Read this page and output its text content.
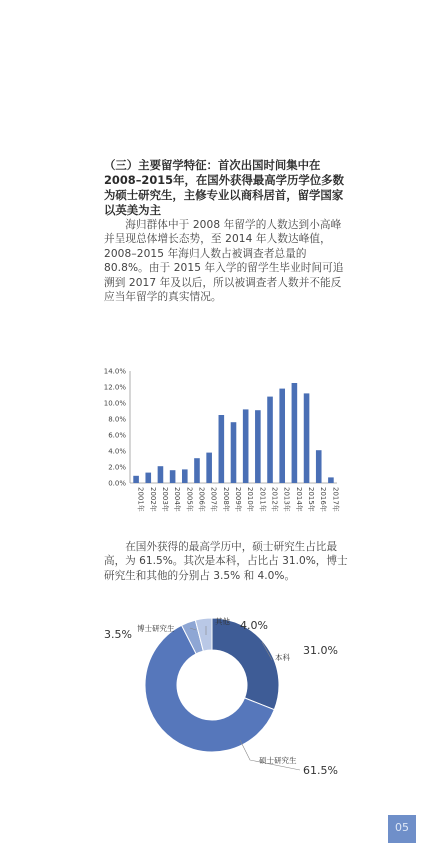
（三）主要留学特征：首次出国时间集中在2008–2015年，在国外获得最高学历学位多数为硕士研究生，主修专业以商科居首，留学国家以英美为主
海归群体中于 2008 年留学的人数达到小高峰并呈现总体增长态势，至 2014 年人数达峰值，2008–2015 年海归人数占被调查者总量的 80.8%。由于 2015 年入学的留学生毕业时间可追溯到 2017 年及以后，所以被调查者人数并不能反应当年留学的真实情况。
0.0%
2.0%
4.0%
6.0%
8.0%
10.0%
12.0%
14.0%
2001年 2002年 2003年 2004年 2005年 2006年 2007年 2008年 2009年 2010年 2011年 2012年 2013年 2014年 2015年 2016年 2017年
在国外获得的最高学历中，硕士研究生占比最高，为 61.5%。其次是本科，占比占 31.0%，博士研究生和其他的分别占 3.5% 和 4.0%。
本科
31.0%
硕士研究生
61.5%
博士研究生
3.5%
其他 4.0%
05
